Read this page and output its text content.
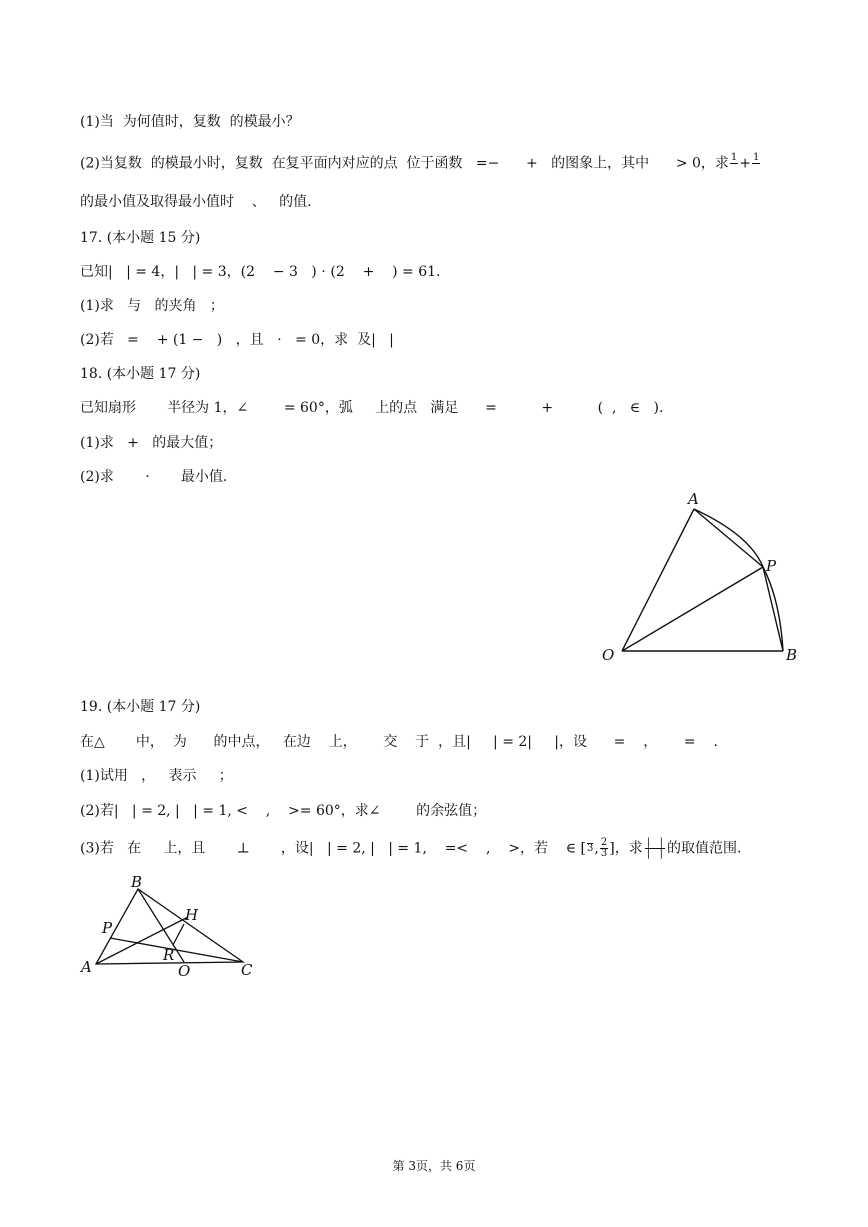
(1)当  为何值时，复数  的模最小？
(2)当复数  的模最小时，复数  在复平面内对应的点  位于函数   =−      +   的图象上，其中      > 0，求 1 + 1
的最小值及取得最小值时    、   的值.
17. (本小题 15 分)
已知|   | = 4，|   | = 3，(2    − 3   ) ⋅ (2    +    ) = 61.
(1)求   与   的夹角   ；
(2)若   =    + (1 −   )   ，且   ⋅   = 0，求  及|   |
18. (本小题 17 分)
已知扇形       半径为 1，∠        = 60°，弧     上的点   满足      =          +          (  ,   ∈   ).
(1)求   +   的最大值；
(2)求       ⋅       最小值.
A
P
O	B
19. (本小题 17 分)
在△       中，  为      的中点，   在边    上，      交    于  ，且|     | = 2|     |，设      =    ，      =    .
(1)试用   ，   表示     ；
(2)若|   | = 2, |   | = 1, <    ,    >= 60°，求∠        的余弦值；
(3)若   在     上，且       ⊥       ，设|   | = 2, |   | = 1,    =<    ,    >，若    ∈ [ 3 , $\frac{2}{3}$ ]，求 $\frac{| |}{| |}$ 的取值范围.
B
H
P
R
A	O	C
第 3页，共 6页
